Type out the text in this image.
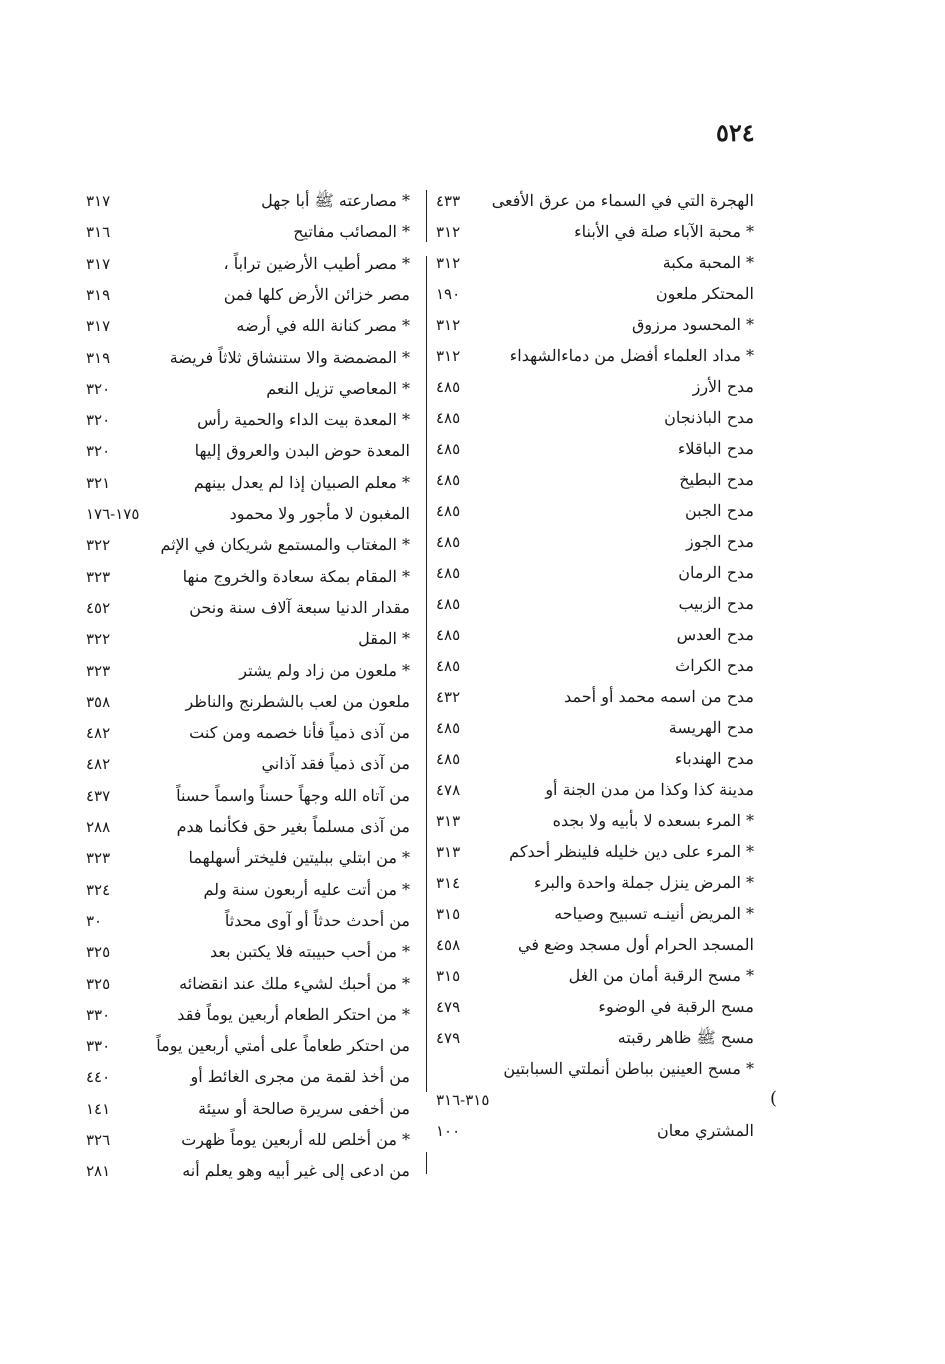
٥٢٤
الهجرة التي في السماء من عرق الأفعى
٤٣٣
* محبة الآباء صلة في الأبناء
٣١٢
* المحبة مكبة
٣١٢
المحتكر ملعون
١٩٠
* المحسود مرزوق
٣١٢
* مداد العلماء أفضل من دماءالشهداء
٣١٢
مدح الأرز
٤٨٥
مدح الباذنجان
٤٨٥
مدح الباقلاء
٤٨٥
مدح البطيخ
٤٨٥
مدح الجبن
٤٨٥
مدح الجوز
٤٨٥
مدح الرمان
٤٨٥
مدح الزبيب
٤٨٥
مدح العدس
٤٨٥
مدح الكراث
٤٨٥
مدح من اسمه محمد أو أحمد
٤٣٢
مدح الهريسة
٤٨٥
مدح الهندباء
٤٨٥
مدينة كذا وكذا من مدن الجنة أو
٤٧٨
* المرء بسعده لا بأبيه ولا بجده
٣١٣
* المرء على دين خليله فلينظر أحدكم
٣١٣
* المرض ينزل جملة واحدة والبرء
٣١٤
* المريض أنينـه تسبيح وصياحه
٣١٥
المسجد الحرام أول مسجد وضع في
٤٥٨
* مسح الرقبة أمان من الغل
٣١٥
مسح الرقبة في الوضوء
٤٧٩
مسح ﷺ ظاهر رقبته
٤٧٩
* مسح العينين بباطن أنملتي السبابتين
٣١٥-٣١٦
المشتري معان
١٠٠
* مصارعته ﷺ أبا جهل
٣١٧
* المصائب مفاتيح
٣١٦
* مصر أطيب الأرضين تراباً ،
٣١٧
مصر خزائن الأرض كلها فمن
٣١٩
* مصر كنانة الله في أرضه
٣١٧
* المضمضة والا ستنشاق ثلاثاً فريضة
٣١٩
* المعاصي تزيل النعم
٣٢٠
* المعدة بيت الداء والحمية رأس
٣٢٠
المعدة حوض البدن والعروق إليها
٣٢٠
* معلم الصبيان إذا لم يعدل بينهم
٣٢١
المغبون لا مأجور ولا محمود
١٧٥-١٧٦
* المغتاب والمستمع شريكان في الإثم
٣٢٢
* المقام بمكة سعادة والخروج منها
٣٢٣
مقدار الدنيا سبعة آلاف سنة ونحن
٤٥٢
* المقل
٣٢٢
* ملعون من زاد ولم يشتر
٣٢٣
ملعون من لعب بالشطرنج والناظر
٣٥٨
من آذى ذمياً فأنا خصمه ومن كنت
٤٨٢
من آذى ذمياً فقد آذاني
٤٨٢
من آتاه الله وجهاً حسناً واسماً حسناً
٤٣٧
من آذى مسلماً بغير حق فكأنما هدم
٢٨٨
* من ابتلي ببليتين فليختر أسهلهما
٣٢٣
* من أتت عليه أربعون سنة ولم
٣٢٤
من أحدث حدثاً أو آوى محدثاً
٣٠
* من أحب حبيبته فلا يكتبن بعد
٣٢٥
* من أحبك لشيء ملك عند انقضائه
٣٢٥
* من احتكر الطعام أربعين يوماً فقد
٣٣٠
من احتكر طعاماً على أمتي أربعين يوماً
٣٣٠
من أخذ لقمة من مجرى الغائط أو
٤٤٠
من أخفى سريرة صالحة أو سيئة
١٤١
* من أخلص لله أربعين يوماً ظهرت
٣٢٦
من ادعى إلى غير أبيه وهو يعلم أنه
٢٨١
(
